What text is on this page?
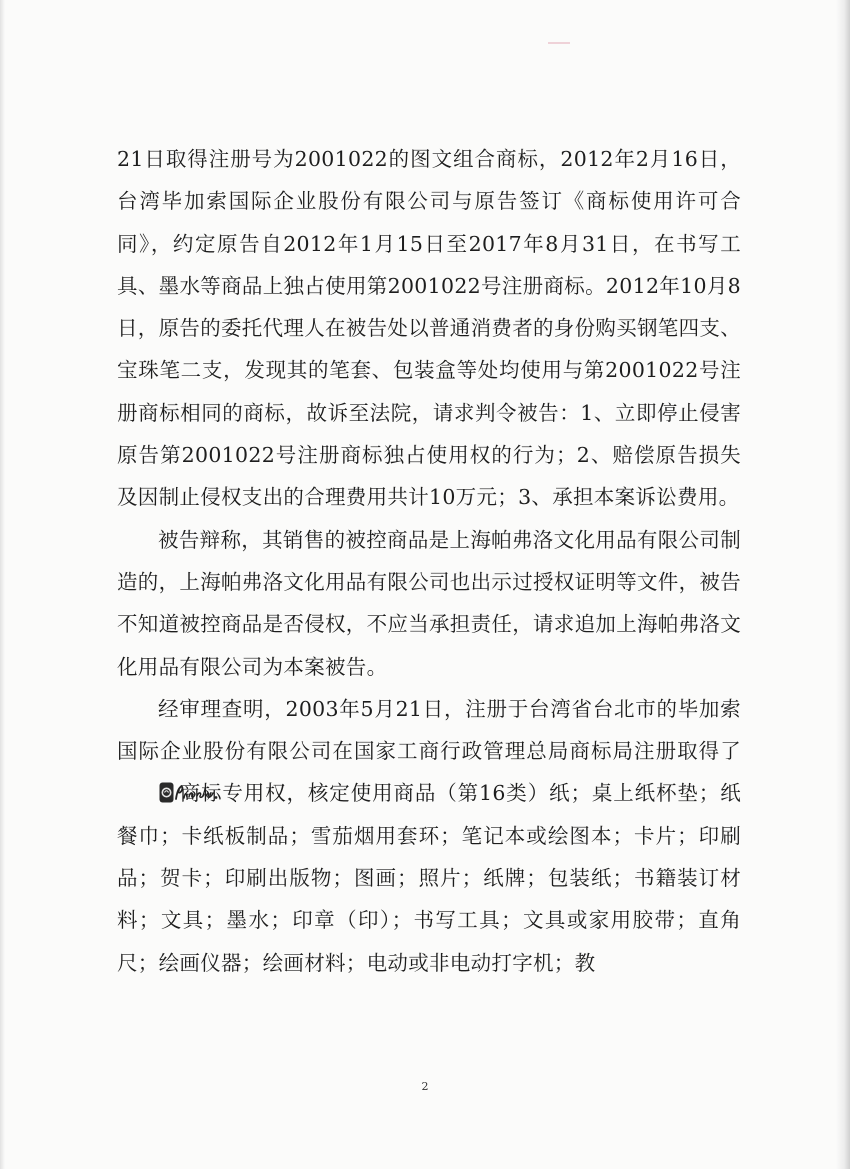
21日取得注册号为2001022的图文组合商标，2012年2月16日，台湾毕加索国际企业股份有限公司与原告签订《商标使用许可合同》，约定原告自2012年1月15日至2017年8月31日，在书写工具、墨水等商品上独占使用第2001022号注册商标。2012年10月8日，原告的委托代理人在被告处以普通消费者的身份购买钢笔四支、宝珠笔二支，发现其的笔套、包装盒等处均使用与第2001022号注册商标相同的商标，故诉至法院，请求判令被告：1、立即停止侵害原告第2001022号注册商标独占使用权的行为；2、赔偿原告损失及因制止侵权支出的合理费用共计10万元；3、承担本案诉讼费用。

被告辩称，其销售的被控商品是上海帕弗洛文化用品有限公司制造的，上海帕弗洛文化用品有限公司也出示过授权证明等文件，被告不知道被控商品是否侵权，不应当承担责任，请求追加上海帕弗洛文化用品有限公司为本案被告。

经审理查明，2003年5月21日，注册于台湾省台北市的毕加索国际企业股份有限公司在国家工商行政管理总局商标局注册取得了商标专用权，核定使用商品（第16类）纸；桌上纸杯垫；纸餐巾；卡纸板制品；雪茄烟用套环；笔记本或绘图本；卡片；印刷品；贺卡；印刷出版物；图画；照片；纸牌；包装纸；书籍装订材料；文具；墨水；印章（印）；书写工具；文具或家用胶带；直角尺；绘画仪器；绘画材料；电动或非电动打字机；教

2
